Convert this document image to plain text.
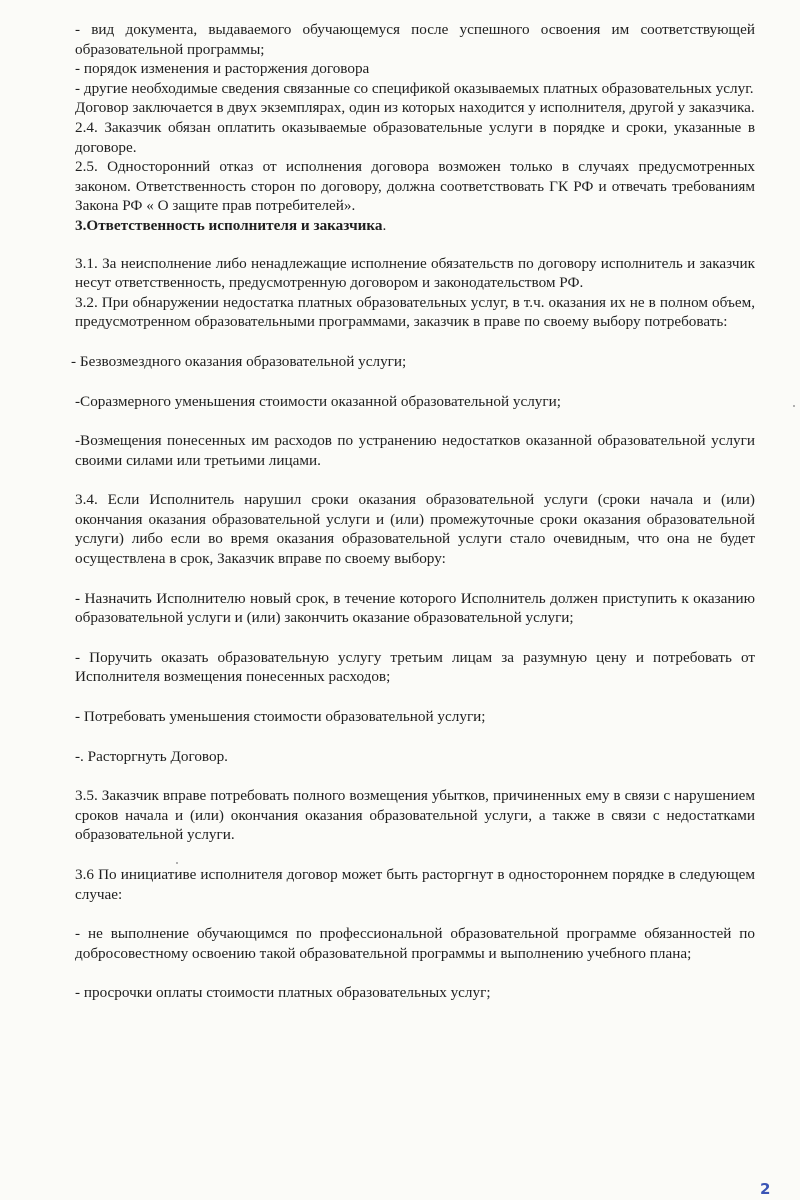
- вид документа, выдаваемого обучающемуся после успешного освоения им соответствующей образовательной программы;

- порядок изменения и расторжения договора

- другие необходимые сведения связанные со спецификой оказываемых платных образовательных услуг.

Договор заключается в двух экземплярах, один из которых находится у исполнителя, другой у заказчика.

2.4. Заказчик обязан оплатить оказываемые образовательные услуги в порядке и сроки, указанные в договоре.

2.5. Односторонний отказ от исполнения договора возможен только в случаях предусмотренных законом. Ответственность сторон по договору, должна соответствовать ГК РФ и отвечать требованиям Закона РФ « О защите прав потребителей».

3.Ответственность исполнителя и заказчика.

3.1. За неисполнение либо ненадлежащие исполнение обязательств по договору исполнитель и заказчик несут ответственность, предусмотренную договором и законодательством РФ.

3.2. При обнаружении недостатка платных образовательных услуг, в т.ч. оказания их не в полном объем, предусмотренном образовательными программами, заказчик в праве по своему выбору потребовать:

- Безвозмездного оказания образовательной услуги;

-Соразмерного уменьшения стоимости оказанной образовательной услуги;

-Возмещения понесенных им расходов по устранению недостатков оказанной образовательной услуги своими силами или третьими лицами.

3.4. Если Исполнитель нарушил сроки оказания образовательной услуги (сроки начала и (или) окончания оказания образовательной услуги и (или) промежуточные сроки оказания образовательной услуги) либо если во время оказания образовательной услуги стало очевидным, что она не будет осуществлена в срок, Заказчик вправе по своему выбору:

- Назначить Исполнителю новый срок, в течение которого Исполнитель должен приступить к оказанию образовательной услуги и (или) закончить оказание образовательной услуги;

- Поручить оказать образовательную услугу третьим лицам за разумную цену и потребовать от Исполнителя возмещения понесенных расходов;

- Потребовать уменьшения стоимости образовательной услуги;

-. Расторгнуть Договор.

3.5. Заказчик вправе потребовать полного возмещения убытков, причиненных ему в связи с нарушением сроков начала и (или) окончания оказания образовательной услуги, а также в связи с недостатками образовательной услуги.

3.6 По инициативе исполнителя договор может быть расторгнут в одностороннем порядке в следующем случае:

- не выполнение обучающимся по профессиональной образовательной программе обязанностей по добросовестному освоению такой образовательной программы и выполнению учебного плана;

- просрочки оплаты стоимости платных образовательных услуг;

2
